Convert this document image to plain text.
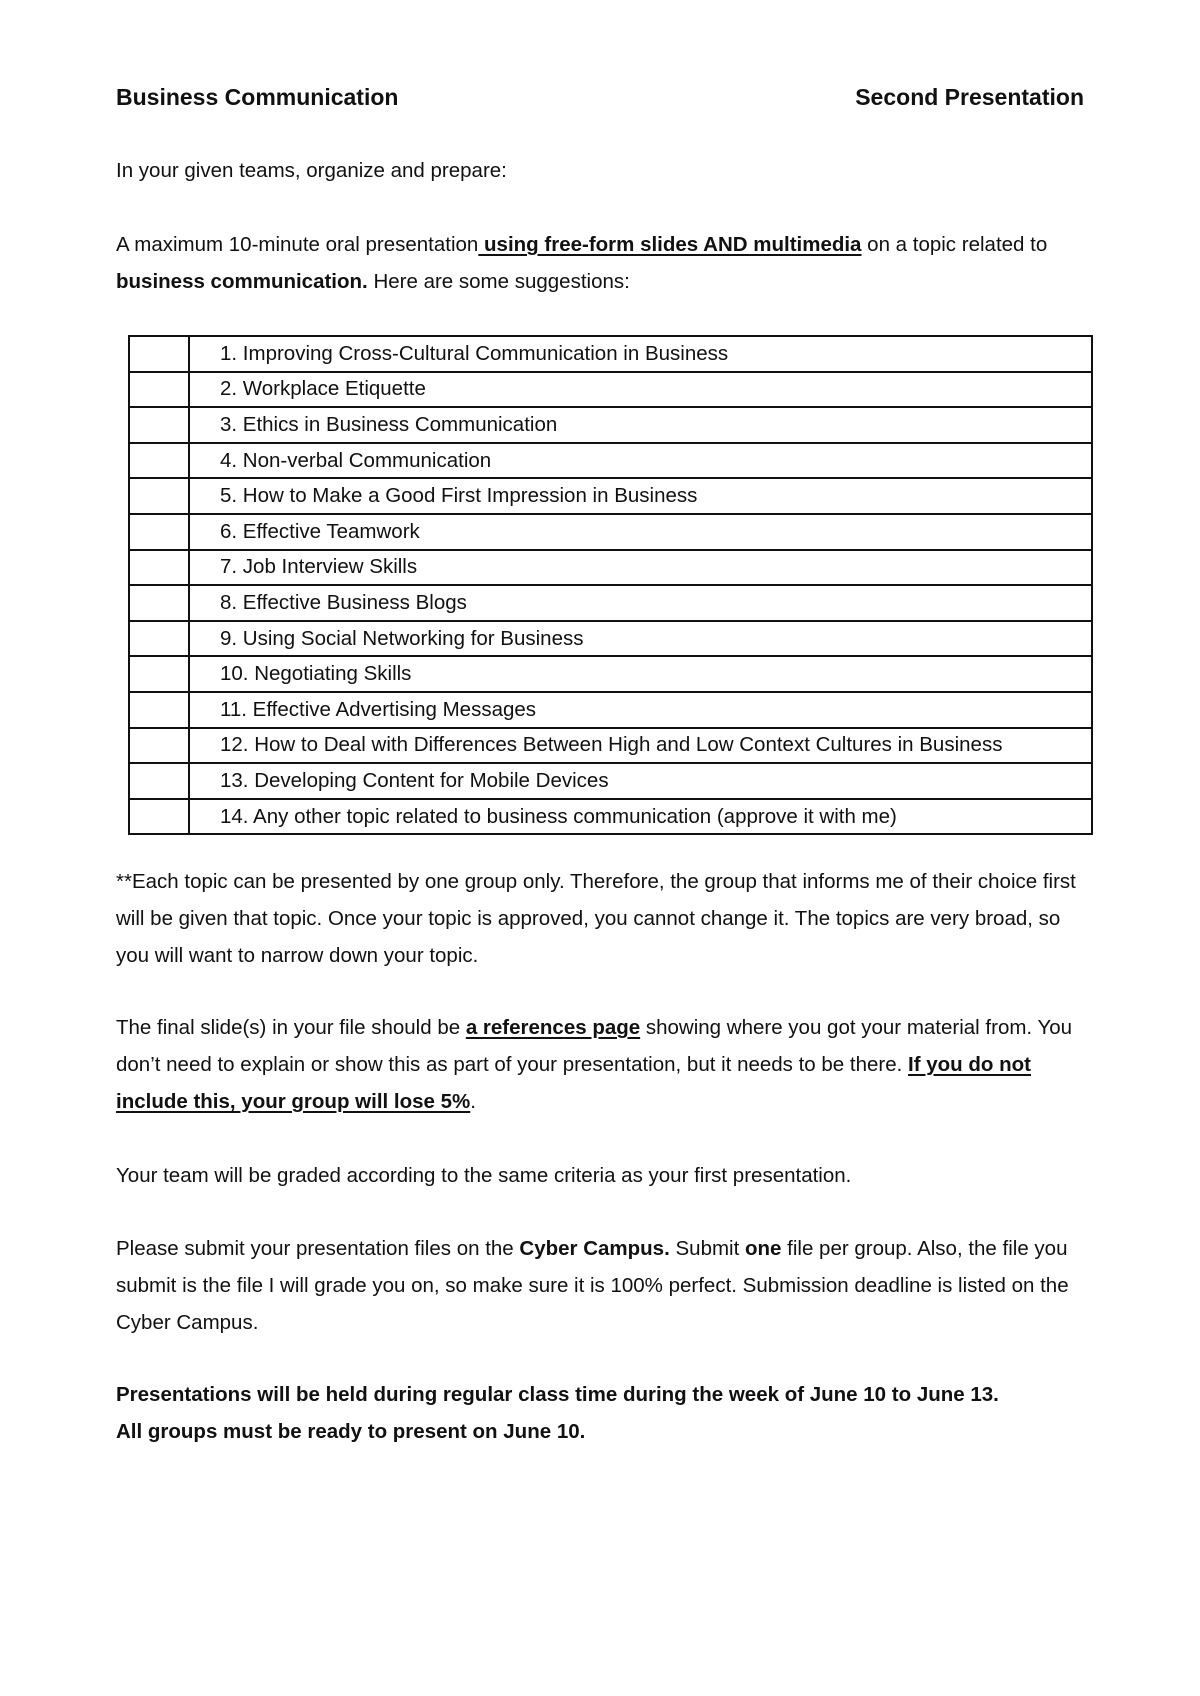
Business Communication	Second Presentation

In your given teams, organize and prepare:

A maximum 10-minute oral presentation using free-form slides AND multimedia on a topic related to business communication. Here are some suggestions:

	1. Improving Cross-Cultural Communication in Business
	2. Workplace Etiquette
	3. Ethics in Business Communication
	4. Non-verbal Communication
	5. How to Make a Good First Impression in Business
	6. Effective Teamwork
	7. Job Interview Skills
	8. Effective Business Blogs
	9. Using Social Networking for Business
	10. Negotiating Skills
	11. Effective Advertising Messages
	12. How to Deal with Differences Between High and Low Context Cultures in Business
	13. Developing Content for Mobile Devices
	14. Any other topic related to business communication (approve it with me)

**Each topic can be presented by one group only. Therefore, the group that informs me of their choice first will be given that topic. Once your topic is approved, you cannot change it. The topics are very broad, so you will want to narrow down your topic.

The final slide(s) in your file should be a references page showing where you got your material from. You don’t need to explain or show this as part of your presentation, but it needs to be there. If you do not include this, your group will lose 5%.

Your team will be graded according to the same criteria as your first presentation.

Please submit your presentation files on the Cyber Campus. Submit one file per group. Also, the file you submit is the file I will grade you on, so make sure it is 100% perfect. Submission deadline is listed on the Cyber Campus.

Presentations will be held during regular class time during the week of June 10 to June 13.
All groups must be ready to present on June 10.
